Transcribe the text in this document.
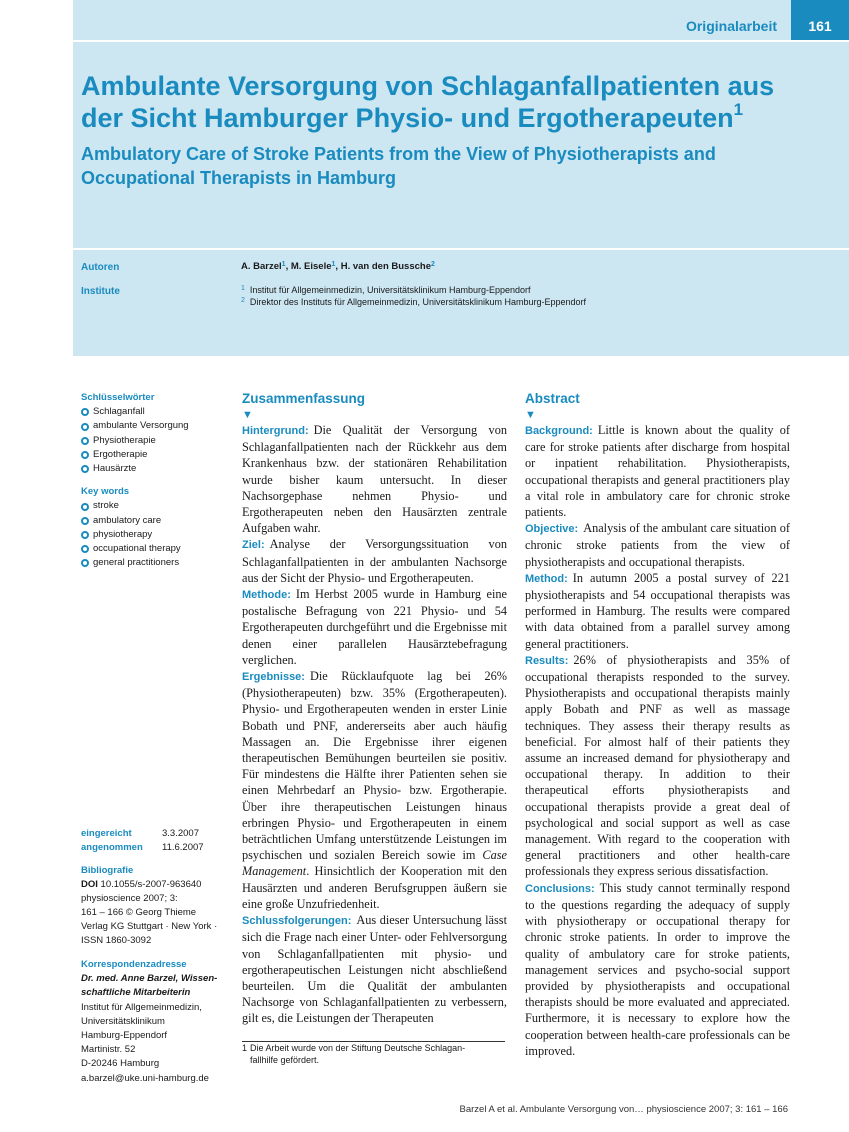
Originalarbeit	161
Ambulante Versorgung von Schlaganfallpatienten aus der Sicht Hamburger Physio- und Ergotherapeuten$^1$
Ambulatory Care of Stroke Patients from the View of Physiotherapists and Occupational Therapists in Hamburg
Autoren	A. Barzel$^1$, M. Eisele$^1$, H. van den Bussche$^2$
Institute	$^1$ Institut für Allgemeinmedizin, Universitätsklinikum Hamburg-Eppendorf
$^2$ Direktor des Instituts für Allgemeinmedizin, Universitätsklinikum Hamburg-Eppendorf
Schlüsselwörter
Schlaganfall
ambulante Versorgung
Physiotherapie
Ergotherapie
Hausärzte
Key words
stroke
ambulatory care
physiotherapy
occupational therapy
general practitioners
eingereicht	3.3.2007
angenommen	11.6.2007
Bibliografie
DOI 10.1055/s-2007-963640
physioscience 2007; 3:
161 – 166 © Georg Thieme
Verlag KG Stuttgart · New York ·
ISSN 1860-3092
Korrespondenzadresse
Dr. med. Anne Barzel, Wissen-
schaftliche Mitarbeiterin
Institut für Allgemeinmedizin,
Universitätsklinikum
Hamburg-Eppendorf
Martinistr. 52
D-20246 Hamburg
a.barzel@uke.uni-hamburg.de
Zusammenfassung
▼

Hintergrund: Die Qualität der Versorgung von Schlaganfallpatienten nach der Rückkehr aus dem Krankenhaus bzw. der stationären Rehabilitation wurde bisher kaum untersucht. In dieser Nachsorgephase nehmen Physio- und Ergotherapeuten neben den Hausärzten zentrale Aufgaben wahr.

Ziel: Analyse der Versorgungssituation von Schlaganfallpatienten in der ambulanten Nachsorge aus der Sicht der Physio- und Ergotherapeuten.

Methode: Im Herbst 2005 wurde in Hamburg eine postalische Befragung von 221 Physio- und 54 Ergotherapeuten durchgeführt und die Ergebnisse mit denen einer parallelen Hausärztebefragung verglichen.

Ergebnisse: Die Rücklaufquote lag bei 26% (Physiotherapeuten) bzw. 35% (Ergotherapeuten). Physio- und Ergotherapeuten wenden in erster Linie Bobath und PNF, andererseits aber auch häufig Massagen an. Die Ergebnisse ihrer eigenen therapeutischen Bemühungen beurteilen sie positiv. Für mindestens die Hälfte ihrer Patienten sehen sie einen Mehrbedarf an Physio- bzw. Ergotherapie. Über ihre therapeutischen Leistungen hinaus erbringen Physio- und Ergotherapeuten in einem beträchtlichen Umfang unterstützende Leistungen im psychischen und sozialen Bereich sowie im Case Management. Hinsichtlich der Kooperation mit den Hausärzten und anderen Berufsgruppen äußern sie eine große Unzufriedenheit.

Schlussfolgerungen: Aus dieser Untersuchung lässt sich die Frage nach einer Unter- oder Fehlversorgung von Schlaganfallpatienten mit physio- und ergotherapeutischen Leistungen nicht abschließend beurteilen. Um die Qualität der ambulanten Nachsorge von Schlaganfallpatienten zu verbessern, gilt es, die Leistungen der Therapeuten

Abstract
▼

Background: Little is known about the quality of care for stroke patients after discharge from hospital or inpatient rehabilitation. Physiotherapists, occupational therapists and general practitioners play a vital role in ambulatory care for chronic stroke patients.

Objective: Analysis of the ambulant care situation of chronic stroke patients from the view of physiotherapists and occupational therapists.

Method: In autumn 2005 a postal survey of 221 physiotherapists and 54 occupational therapists was performed in Hamburg. The results were compared with data obtained from a parallel survey among general practitioners.

Results: 26% of physiotherapists and 35% of occupational therapists responded to the survey. Physiotherapists and occupational therapists mainly apply Bobath and PNF as well as massage techniques. They assess their therapy results as beneficial. For almost half of their patients they assume an increased demand for physiotherapy and occupational therapy. In addition to their therapeutical efforts physiotherapists and occupational therapists provide a great deal of psychological and social support as well as case management. With regard to the cooperation with general practitioners and other health-care professionals they express serious dissatisfaction.

Conclusions: This study cannot terminally respond to the questions regarding the adequacy of supply with physiotherapy or occupational therapy for chronic stroke patients. In order to improve the quality of ambulatory care for stroke patients, management services and psycho-social support provided by physiotherapists and occupational therapists should be more evaluated and appreciated. Furthermore, it is necessary to explore how the cooperation between health-care professionals can be improved.

1 Die Arbeit wurde von der Stiftung Deutsche Schlagan-
fallhilfe gefördert.
Barzel A et al. Ambulante Versorgung von… physioscience 2007; 3: 161 – 166
